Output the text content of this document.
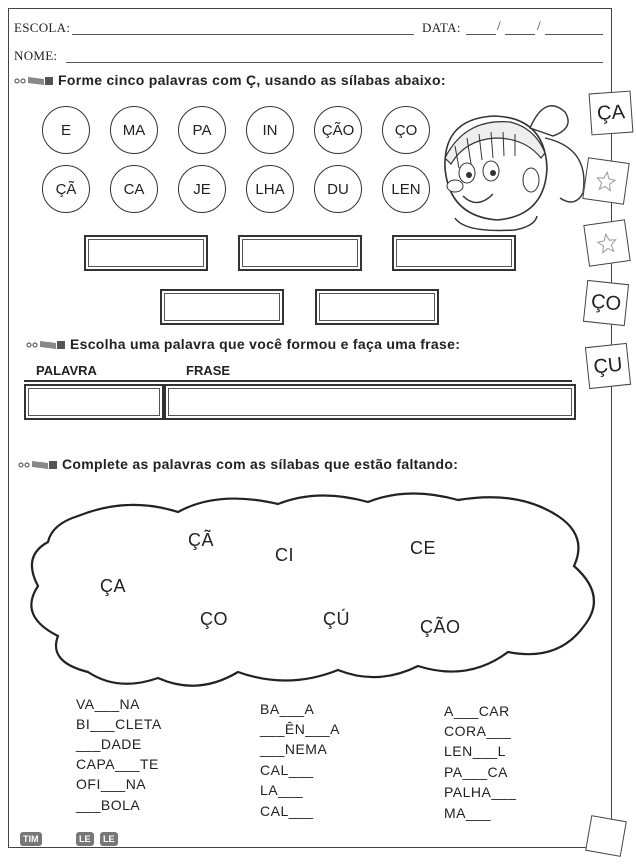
ESCOLA:	DATA:	/	/
NOME:
Forme cinco palavras com Ç, usando as sílabas abaixo:
E	MA	PA	IN	ÇÃO	ÇO
ÇÃ	CA	JE	LHA	DU	LEN
ÇA
ÇO
ÇU
Escolha uma palavra que você formou e faça uma frase:
PALAVRA	FRASE
Complete as palavras com as sílabas que estão faltando:
ÇÃ
CI	CE
ÇA
ÇO	ÇÚ	ÇÃO
VA___NA
BI___CLETA
___DADE
CAPA___TE
OFI___NA
___BOLA
BA___A
___ÊN___A
___NEMA
CAL___
LA___
CAL___
A___CAR
CORA___
LEN___L
PA___CA
PALHA___
MA___
TIM	LE	LE
